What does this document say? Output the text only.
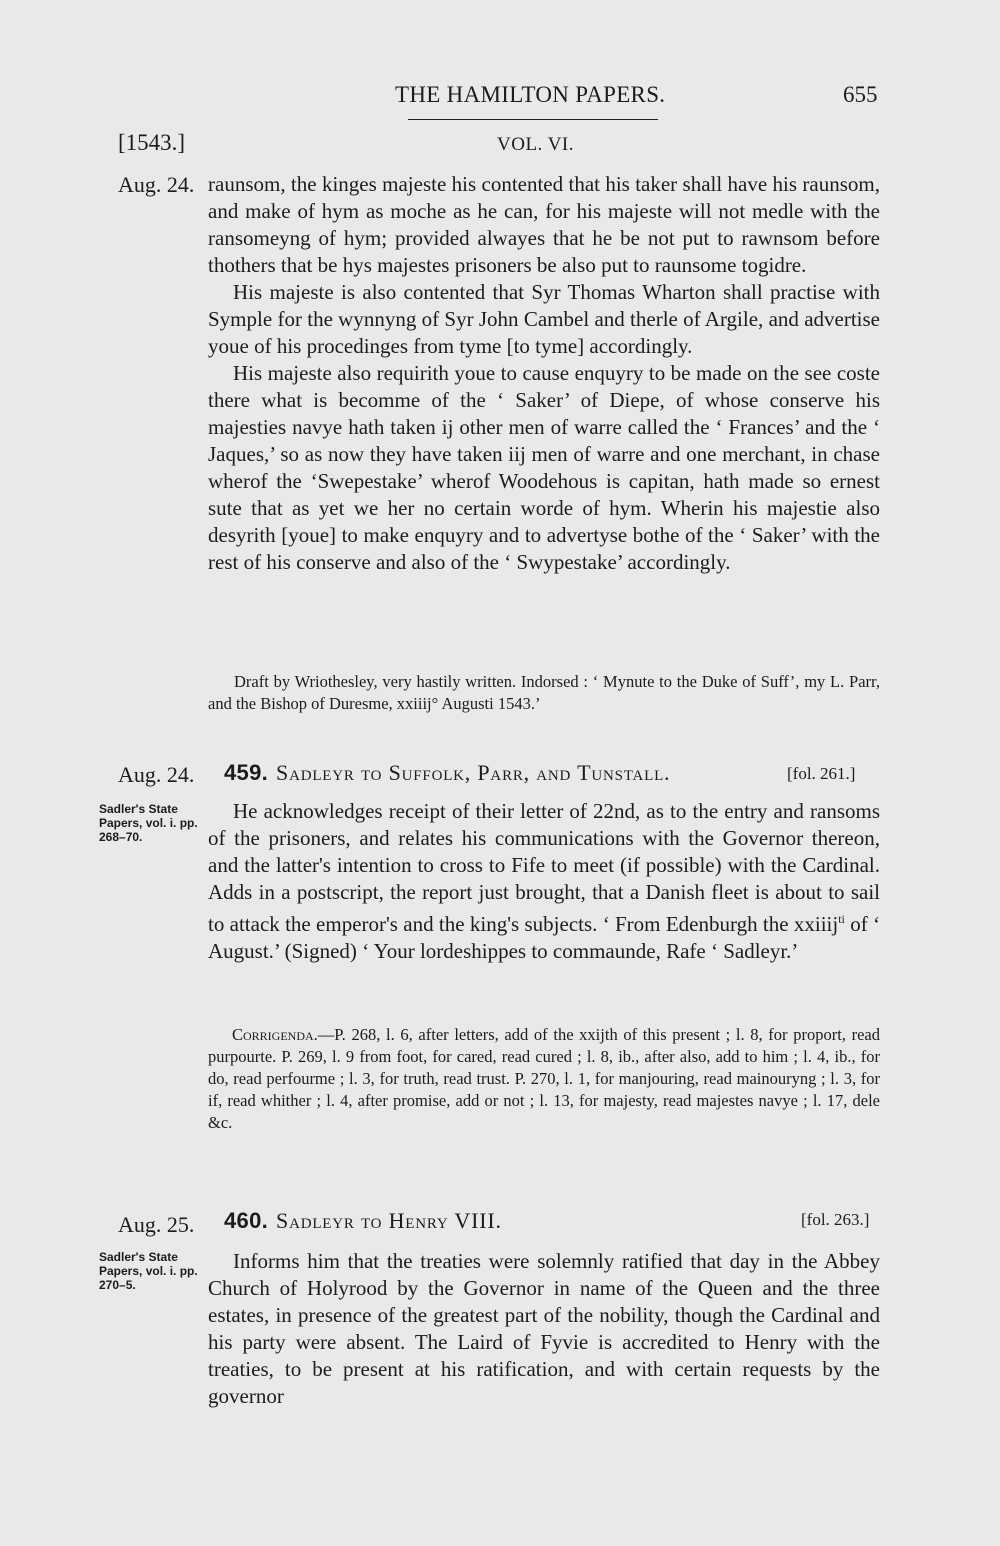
THE HAMILTON PAPERS.	655
[1543.]	VOL. VI.
Aug. 24. raunsom, the kinges majeste his contented that his taker shall have his raunsom, and make of hym as moche as he can, for his majeste will not medle with the ransomeyng of hym; provided alwayes that he be not put to rawnsom before thothers that be hys majestes prisoners be also put to raunsome togidre.

His majeste is also contented that Syr Thomas Wharton shall practise with Symple for the wynnyng of Syr John Cambel and therle of Argile, and advertise youe of his procedinges from tyme [to tyme] accordingly.

His majeste also requirith youe to cause enquyry to be made on the see coste there what is becomme of the ‘ Saker’ of Diepe, of whose conserve his majesties navye hath taken ij other men of warre called the ‘ Frances’ and the ‘ Jaques,’ so as now they have taken iij men of warre and one merchant, in chase wherof the ‘Swepestake’ wherof Woodehous is capitan, hath made so ernest sute that as yet we her no certain worde of hym. Wherin his majestie also desyrith [youe] to make enquyry and to advertyse bothe of the ‘ Saker’ with the rest of his conserve and also of the ‘ Swypestake’ accordingly.

Draft by Wriothesley, very hastily written. Indorsed : ‘ Mynute to the Duke of Suff’, my L. Parr, and the Bishop of Duresme, xxiiij° Augusti 1543.’

Aug. 24. 459. Sadleyr to Suffolk, Parr, and Tunstall.	[fol. 261.]
Sadler's State Papers, vol. i. pp. 268–70.

He acknowledges receipt of their letter of 22nd, as to the entry and ransoms of the prisoners, and relates his communications with the Governor thereon, and the latter's intention to cross to Fife to meet (if possible) with the Cardinal. Adds in a postscript, the report just brought, that a Danish fleet is about to sail to attack the emperor's and the king's subjects. ‘ From Edenburgh the xxiiij$^{ti}$ of ‘ August.’ (Signed) ‘ Your lordeshippes to commaunde, Rafe ‘ Sadleyr.’

Corrigenda.—P. 268, l. 6, after letters, add of the xxijth of this present ; l. 8, for proport, read purpourte. P. 269, l. 9 from foot, for cared, read cured ; l. 8, ib., after also, add to him ; l. 4, ib., for do, read perfourme ; l. 3, for truth, read trust. P. 270, l. 1, for manjouring, read mainouryng ; l. 3, for if, read whither ; l. 4, after promise, add or not ; l. 13, for majesty, read majestes navye ; l. 17, dele &c.

Aug. 25. 460. Sadleyr to Henry VIII.	[fol. 263.]
Sadler's State Papers, vol. i. pp. 270–5.

Informs him that the treaties were solemnly ratified that day in the Abbey Church of Holyrood by the Governor in name of the Queen and the three estates, in presence of the greatest part of the nobility, though the Cardinal and his party were absent. The Laird of Fyvie is accredited to Henry with the treaties, to be present at his ratification, and with certain requests by the governor
